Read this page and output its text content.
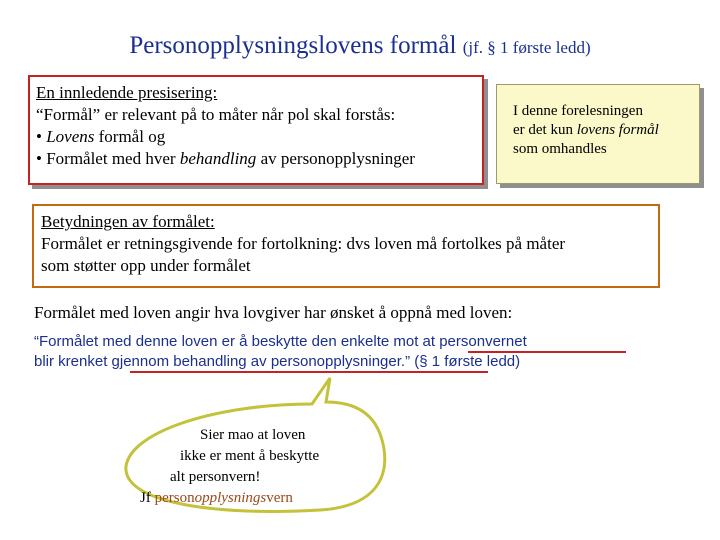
Personopplysningslovens formål (jf. § 1 første ledd)
En innledende presisering:
“Formål” er relevant på to måter når pol skal forstås:
• Lovens formål og
• Formålet med hver behandling av personopplysninger
I denne forelesningen
er det kun lovens formål
som omhandles
Betydningen av formålet:
Formålet er retningsgivende for fortolkning: dvs loven må fortolkes på måter
som støtter opp under formålet
Formålet med loven angir hva lovgiver har ønsket å oppnå med loven:
“Formålet med denne loven er å beskytte den enkelte mot at personvernet
blir krenket gjennom behandling av personopplysninger.” (§ 1 første ledd)
Sier mao at loven
ikke er ment å beskytte
alt personvern!
Jf personopplysningsvern
